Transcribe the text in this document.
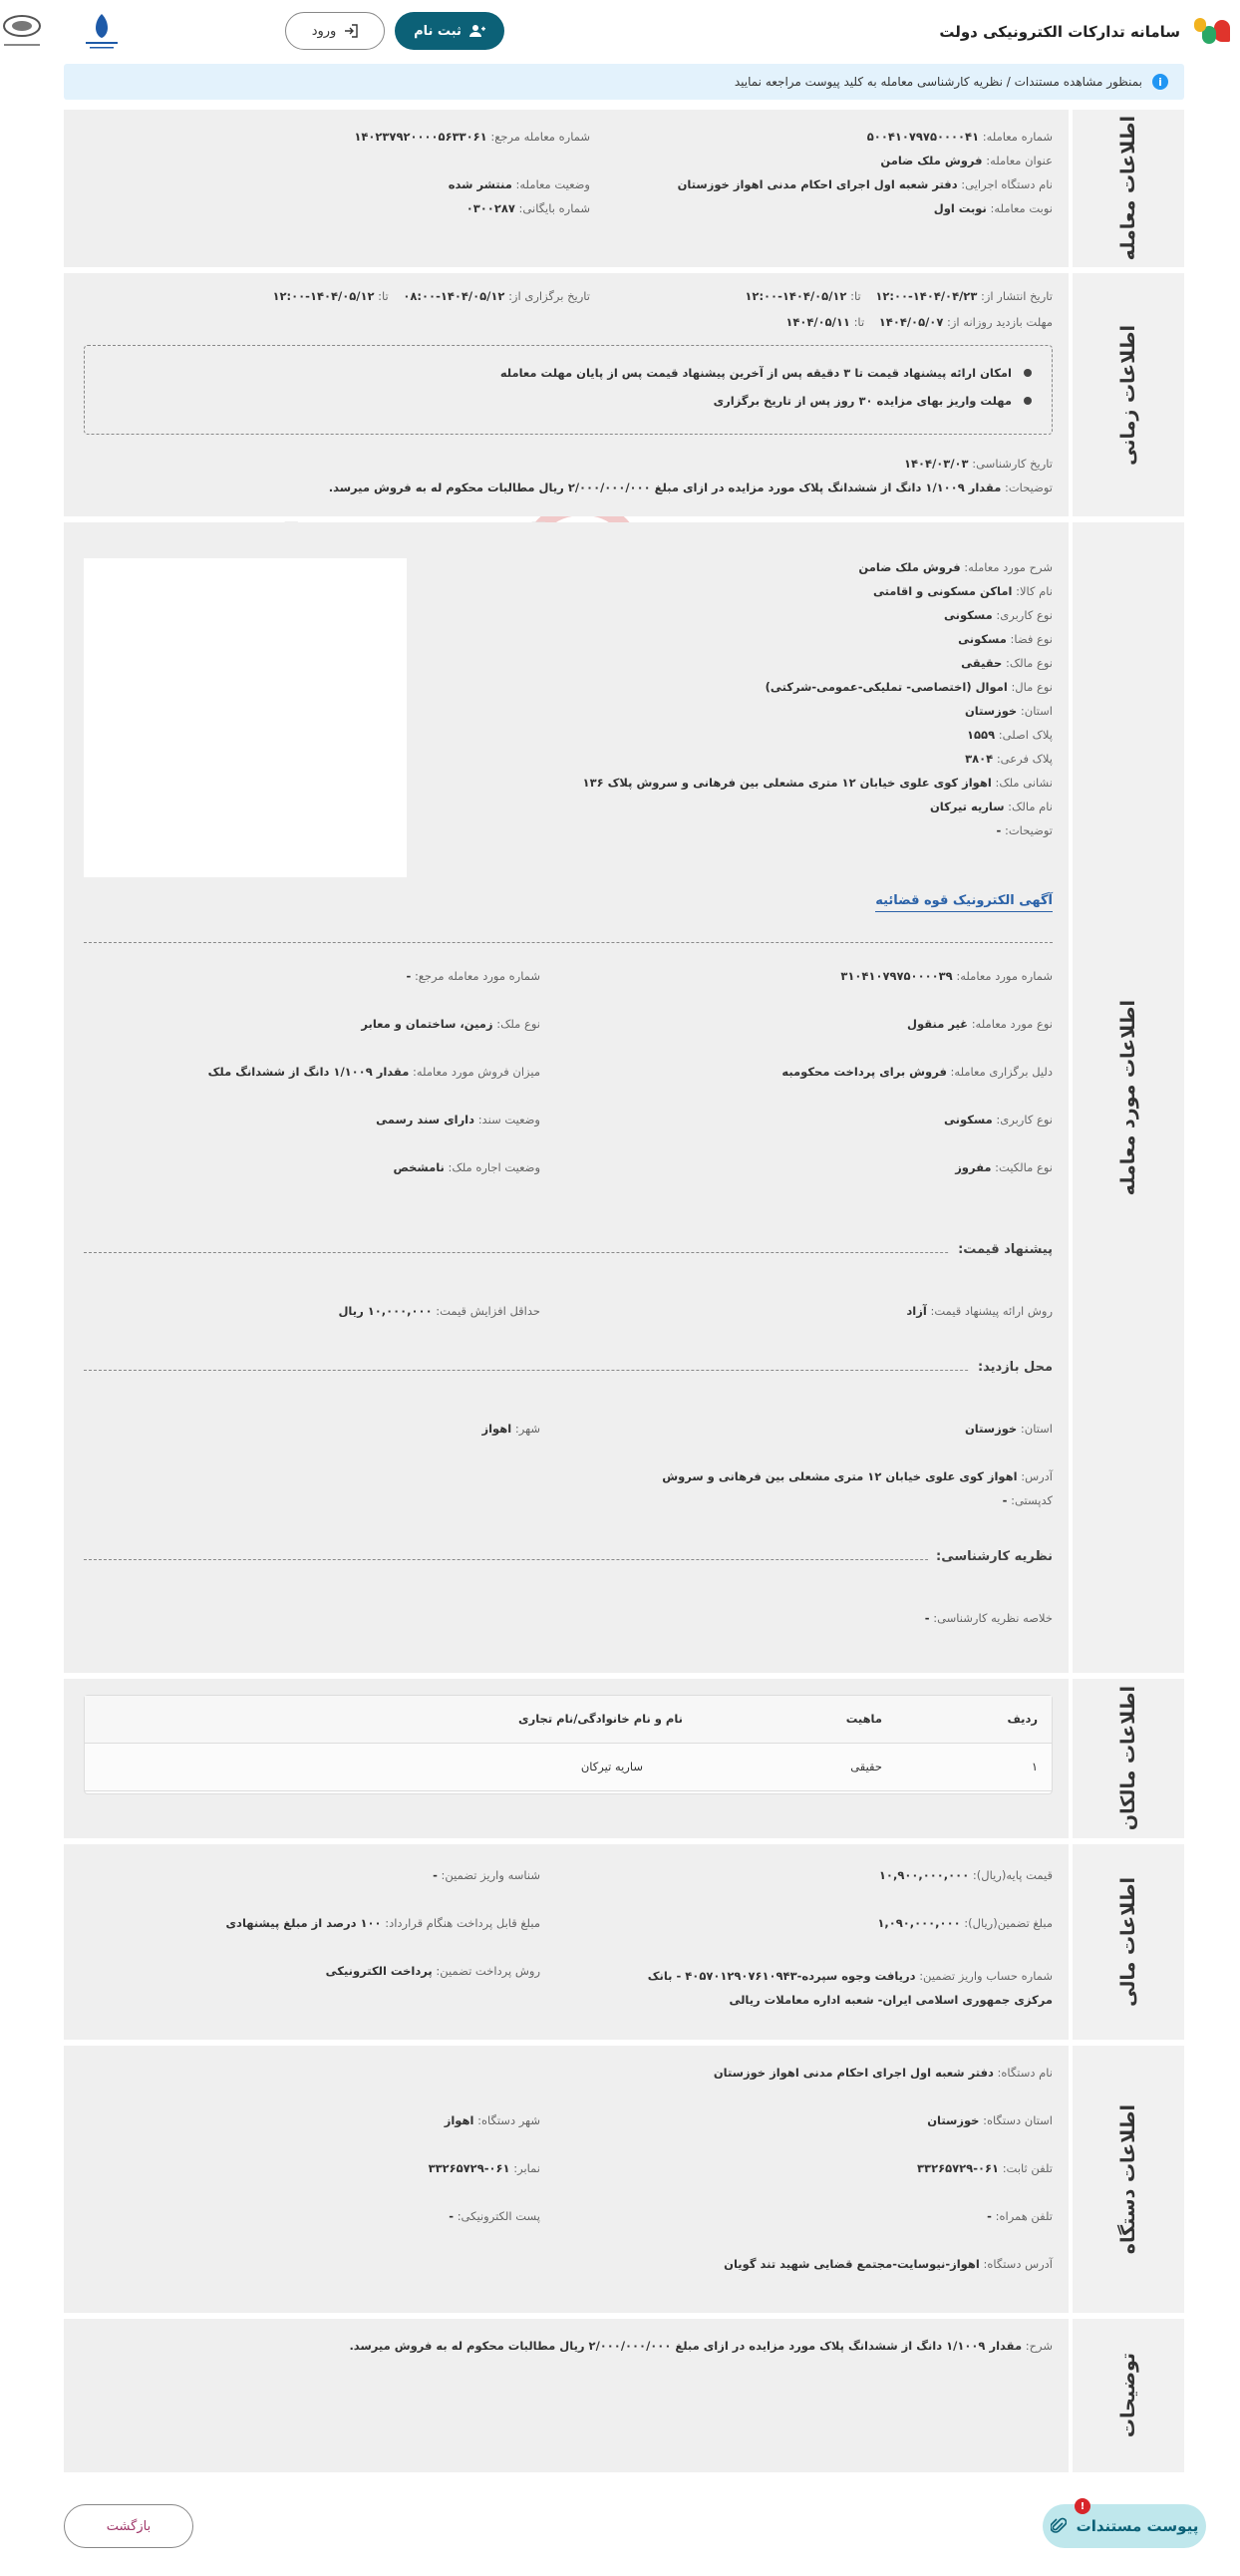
سامانه تدارکات الکترونیکی دولت
ثبت نام
ورود
i
بمنظور مشاهده مستندات / نظریه کارشناسی معامله به کلید پیوست مراجعه نمایید
اطلاعات معامله
شماره معامله: ۵۰۰۴۱۰۷۹۷۵۰۰۰۰۴۱
شماره معامله مرجع: ۱۴۰۲۳۷۹۲۰۰۰۰۵۶۳۳۰۶۱
عنوان معامله: فروش ملک ضامن
نام دستگاه اجرایی: دفتر شعبه اول اجرای احکام مدنی اهواز خوزستان
وضعیت معامله: منتشر شده
نوبت معامله: نوبت اول
شماره بایگانی: ۰۳۰۰۲۸۷
اطلاعات زمانی
تاریخ انتشار از: ۱۴۰۴/۰۴/۲۳-۱۲:۰۰    تا: ۱۴۰۴/۰۵/۱۲-۱۲:۰۰
تاریخ برگزاری از: ۱۴۰۴/۰۵/۱۲-۰۸:۰۰    تا: ۱۴۰۴/۰۵/۱۲-۱۲:۰۰
مهلت بازدید روزانه از: ۱۴۰۴/۰۵/۰۷    تا: ۱۴۰۴/۰۵/۱۱
امکان ارائه پیشنهاد قیمت تا ۳ دقیقه پس از آخرین پیشنهاد قیمت پس از پایان مهلت معامله
مهلت واریز بهای مزایده ۳۰ روز پس از تاریخ برگزاری
تاریخ کارشناسی: ۱۴۰۴/۰۳/۰۳
توضیحات: مقدار ۱/۱۰۰۹ دانگ از ششدانگ پلاک مورد مزایده در ازای مبلغ ۲/۰۰۰/۰۰۰/۰۰۰ ریال مطالبات محکوم له به فروش میرسد.
اطلاعات مورد معامله
شرح مورد معامله: فروش ملک ضامن
نام کالا: اماکن مسکونی و اقامتی
نوع کاربری: مسکونی
نوع فضا: مسکونی
نوع مالک: حقیقی
نوع مال: اموال (اختصاصی- تملیکی-عمومی-شرکتی)
استان: خوزستان
پلاک اصلی: ۱۵۵۹
پلاک فرعی: ۳۸۰۴
نشانی ملک: اهواز کوی علوی خیابان ۱۲ متری مشعلی بین فرهانی و سروش پلاک ۱۳۶
نام مالک: ساریه تیرکان
توضیحات: -
آگهی الکترونیک قوه قضائیه
شماره مورد معامله: ۳۱۰۴۱۰۷۹۷۵۰۰۰۰۳۹
شماره مورد معامله مرجع: -
نوع مورد معامله: غیر منقول
نوع ملک: زمین، ساختمان و معابر
دلیل برگزاری معامله: فروش برای پرداخت محکومبه
میزان فروش مورد معامله: مقدار ۱/۱۰۰۹ دانگ از ششدانگ ملک
نوع کاربری: مسکونی
وضعیت سند: دارای سند رسمی
نوع مالکیت: مفروز
وضعیت اجاره ملک: نامشخص
پیشنهاد قیمت:
روش ارائه پیشنهاد قیمت: آزاد
حداقل افزایش قیمت: ۱۰,۰۰۰,۰۰۰ ریال
محل بازدید:
استان: خوزستان
شهر: اهواز
آدرس: اهواز کوی علوی خیابان ۱۲ متری مشعلی بین فرهانی و سروش
کدپستی: -
نظریه کارشناسی:
خلاصه نظریه کارشناسی: -
اطلاعات مالکان
ردیف
ماهیت
نام و نام خانوادگی/نام تجاری
۱
حقیقی
ساریه تیرکان
اطلاعات مالی
قیمت پایه(ریال): ۱۰,۹۰۰,۰۰۰,۰۰۰
شناسه واریز تضمین: -
مبلغ تضمین(ریال): ۱,۰۹۰,۰۰۰,۰۰۰
مبلغ قابل پرداخت هنگام قرارداد: ۱۰۰ درصد از مبلغ پیشنهادی
شماره حساب واریز تضمین: دریافت وجوه سپرده-۴۰۵۷۰۱۲۹۰۷۶۱۰۹۴۳ - بانک مرکزی جمهوری اسلامی ایران- شعبه اداره معاملات ریالی
روش پرداخت تضمین: پرداخت الکترونیکی
اطلاعات دستگاه
نام دستگاه: دفتر شعبه اول اجرای احکام مدنی اهواز خوزستان
استان دستگاه: خوزستان
شهر دستگاه: اهواز
تلفن ثابت: ۰۶۱-۳۳۲۶۵۷۲۹
نمابر: ۰۶۱-۳۳۲۶۵۷۲۹
تلفن همراه: -
پست الکترونیکی: -
آدرس دستگاه: اهواز-نیوسایت-مجتمع قضایی شهید تند گویان
توضیحات
شرح: مقدار ۱/۱۰۰۹ دانگ از ششدانگ پلاک مورد مزایده در ازای مبلغ ۲/۰۰۰/۰۰۰/۰۰۰ ریال مطالبات محکوم له به فروش میرسد.
پیوست مستندات
!
بازگشت
